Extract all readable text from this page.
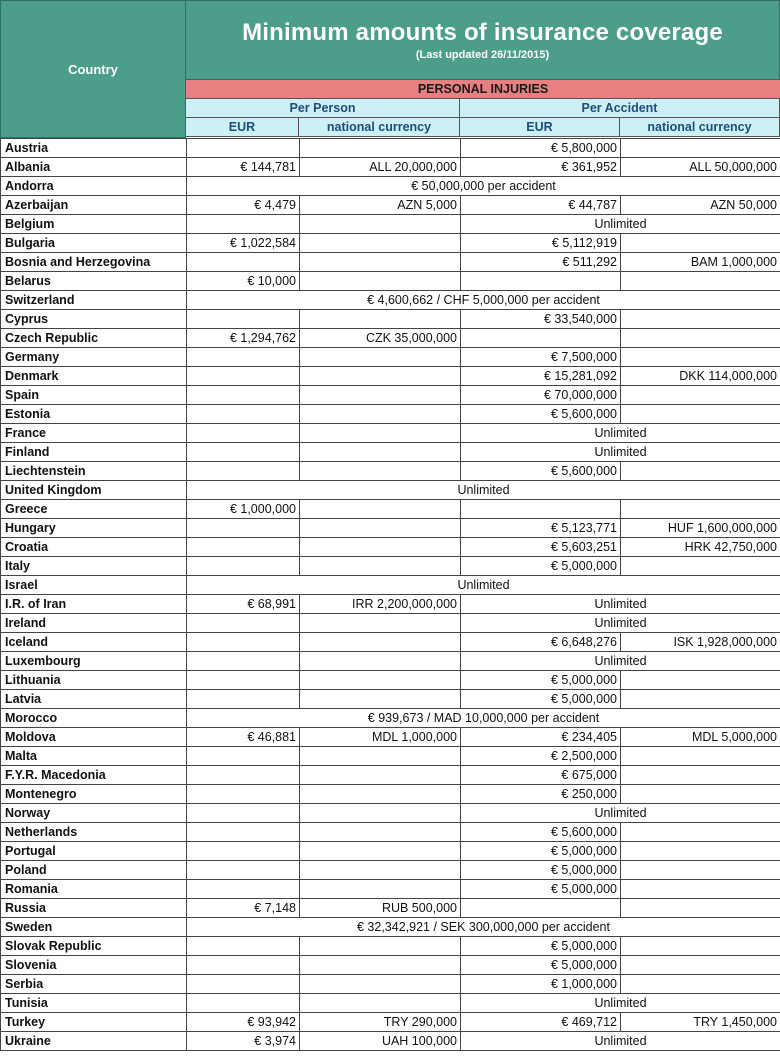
Country
Minimum amounts of insurance coverage
(Last updated 26/11/2015)
PERSONAL INJURIES
Per Person	Per Accident
EUR	national currency	EUR	national currency
Austria			€ 5,800,000	
Albania	€ 144,781	ALL 20,000,000	€ 361,952	ALL 50,000,000
Andorra	€ 50,000,000 per accident			
Azerbaijan	€ 4,479	AZN 5,000	€ 44,787	AZN 50,000
Belgium			Unlimited	
Bulgaria	€ 1,022,584		€ 5,112,919	
Bosnia and Herzegovina			€ 511,292	BAM 1,000,000
Belarus	€ 10,000			
Switzerland	€ 4,600,662 / CHF 5,000,000 per accident			
Cyprus			€ 33,540,000	
Czech Republic	€ 1,294,762	CZK 35,000,000		
Germany			€ 7,500,000	
Denmark			€ 15,281,092	DKK 114,000,000
Spain			€ 70,000,000	
Estonia			€ 5,600,000	
France			Unlimited	
Finland			Unlimited	
Liechtenstein			€ 5,600,000	
United Kingdom	Unlimited			
Greece	€ 1,000,000			
Hungary			€ 5,123,771	HUF 1,600,000,000
Croatia			€ 5,603,251	HRK 42,750,000
Italy			€ 5,000,000	
Israel	Unlimited			
I.R. of Iran	€ 68,991	IRR 2,200,000,000	Unlimited	
Ireland			Unlimited	
Iceland			€ 6,648,276	ISK 1,928,000,000
Luxembourg			Unlimited	
Lithuania			€ 5,000,000	
Latvia			€ 5,000,000	
Morocco	€ 939,673 / MAD 10,000,000 per accident			
Moldova	€ 46,881	MDL 1,000,000	€ 234,405	MDL 5,000,000
Malta			€ 2,500,000	
F.Y.R. Macedonia			€ 675,000	
Montenegro			€ 250,000	
Norway			Unlimited	
Netherlands			€ 5,600,000	
Portugal			€ 5,000,000	
Poland			€ 5,000,000	
Romania			€ 5,000,000	
Russia	€ 7,148	RUB 500,000		
Sweden	€ 32,342,921 / SEK 300,000,000 per accident			
Slovak Republic			€ 5,000,000	
Slovenia			€ 5,000,000	
Serbia			€ 1,000,000	
Tunisia			Unlimited	
Turkey	€ 93,942	TRY 290,000	€ 469,712	TRY 1,450,000
Ukraine	€ 3,974	UAH 100,000	Unlimited	
